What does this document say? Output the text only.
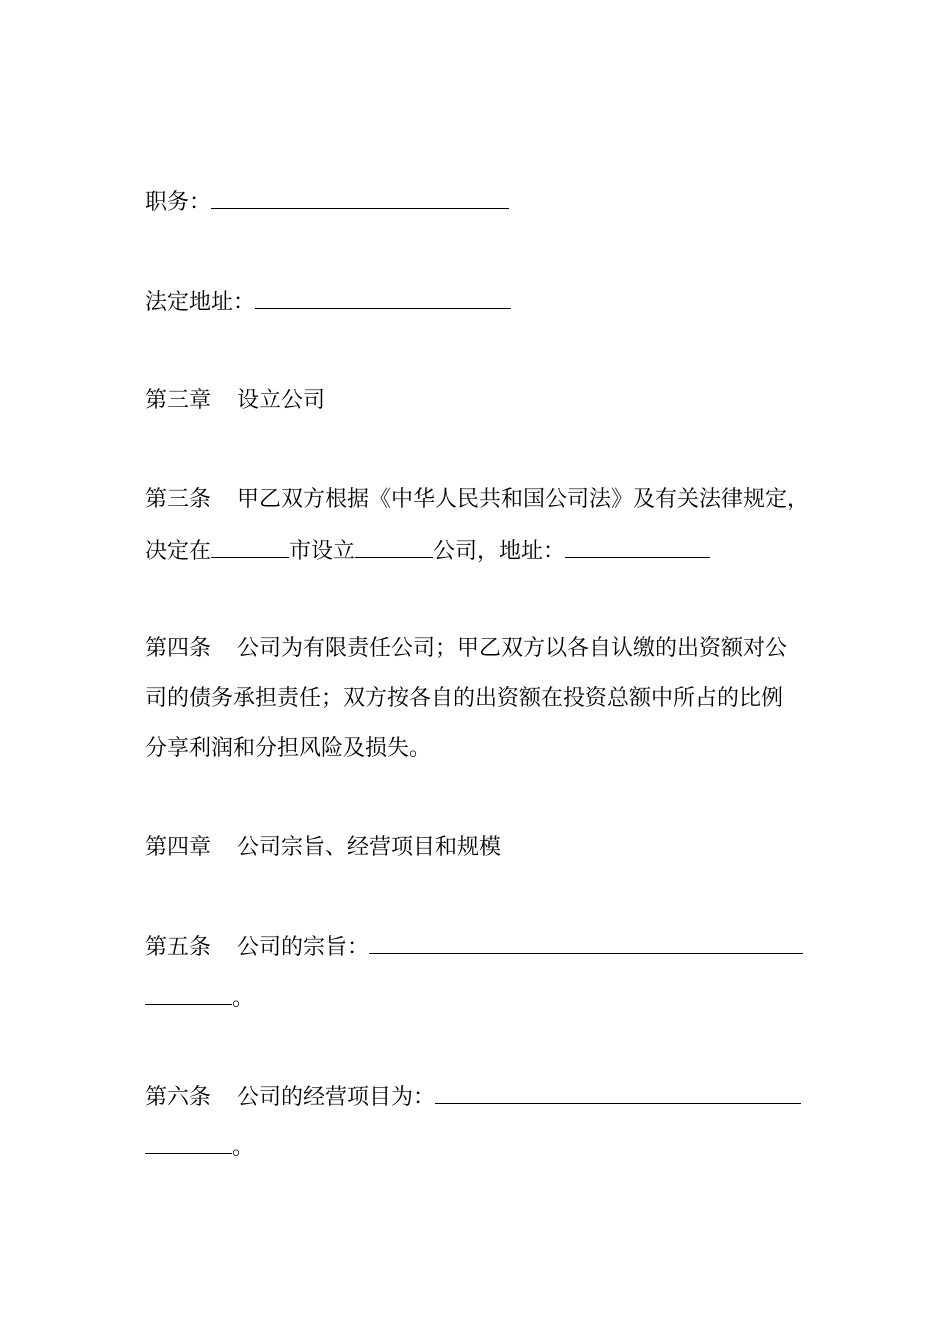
职务：
法定地址：
第三章 设立公司
第三条 甲乙双方根据《中华人民共和国公司法》及有关法律规定，
决定在	市设立	公司，地址：
第四条 公司为有限责任公司；甲乙双方以各自认缴的出资额对公
司的债务承担责任；双方按各自的出资额在投资总额中所占的比例
分享利润和分担风险及损失。
第四章 公司宗旨、经营项目和规模
第五条 公司的宗旨：
。
第六条 公司的经营项目为：
。
